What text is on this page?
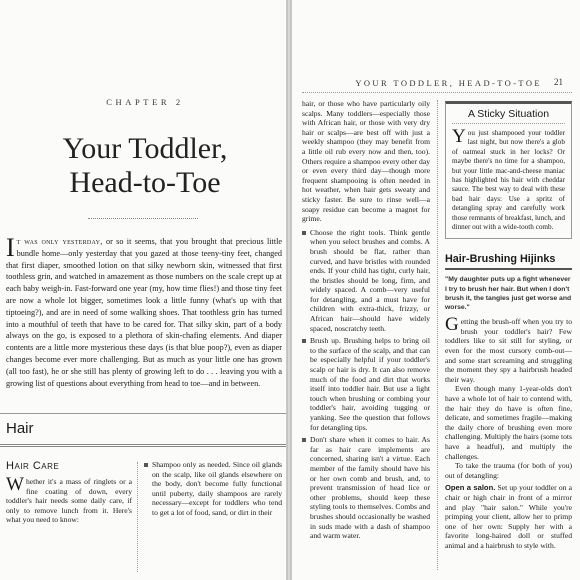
CHAPTER 2
Your Toddler,
Head-to-Toe

It was only yesterday, or so it seems, that you brought that precious little bundle home—only yesterday that you gazed at those teeny-tiny feet, changed that first diaper, smoothed lotion on that silky newborn skin, witnessed that first toothless grin, and watched in amazement as those numbers on the scale crept up at each baby weigh-in. Fast-forward one year (my, how time flies!) and those tiny feet are now a whole lot bigger, sometimes look a little funny (what's up with that tiptoeing?), and are in need of some walking shoes. That toothless grin has turned into a mouthful of teeth that have to be cared for. That silky skin, part of a body always on the go, is exposed to a plethora of skin-chafing elements. And diaper contents are a little more mysterious these days (is that blue poop?), even as diaper changes become ever more challenging. But as much as your little one has grown (all too fast), he or she still has plenty of growing left to do . . . leaving you with a growing list of questions about everything from head to toe—and in between.

Hair
Hair Care

Whether it's a mass of ringlets or a fine coating of down, every toddler's hair needs some daily care, if only to remove lunch from it. Here's what you need to know:

Shampoo only as needed. Since oil glands on the scalp, like oil glands elsewhere on the body, don't become fully functional until puberty, daily shampoos are rarely necessary—except for toddlers who tend to get a lot of food, sand, or dirt in their
YOUR TODDLER, HEAD-TO-TOE 21

hair, or those who have particularly oily scalps. Many toddlers—especially those with African hair, or those with very dry hair or scalps—are best off with just a weekly shampoo (they may benefit from a little oil rub every now and then, too). Others require a shampoo every other day or even every third day—though more frequent shampooing is often needed in hot weather, when hair gets sweaty and sticky faster. Be sure to rinse well—a soapy residue can become a magnet for grime.

Choose the right tools. Think gentle when you select brushes and combs. A brush should be flat, rather than curved, and have bristles with rounded ends. If your child has tight, curly hair, the bristles should be long, firm, and widely spaced. A comb—very useful for detangling, and a must have for children with extra-thick, frizzy, or African hair—should have widely spaced, noscratchy teeth.
Brush up. Brushing helps to bring oil to the surface of the scalp, and that can be especially helpful if your toddler's scalp or hair is dry. It can also remove much of the food and dirt that works itself into toddler hair. But use a light touch when brushing or combing your toddler's hair, avoiding tugging or yanking. See the question that follows for detangling tips.
Don't share when it comes to hair. As far as hair care implements are concerned, sharing isn't a virtue. Each member of the family should have his or her own comb and brush, and, to prevent transmission of head lice or other problems, should keep these styling tools to themselves. Combs and brushes should occasionally be washed in suds made with a dash of shampoo and warm water.
A Sticky Situation

You just shampooed your toddler last night, but now there's a glob of oatmeal stuck in her locks? Or maybe there's no time for a shampoo, but your little mac-and-cheese maniac has highlighted his hair with cheddar sauce. The best way to deal with these bad hair days: Use a spritz of detangling spray and carefully work those remnants of breakfast, lunch, and dinner out with a wide-tooth comb.

Hair-Brushing Hijinks

"My daughter puts up a fight whenever I try to brush her hair. But when I don't brush it, the tangles just get worse and worse."

Getting the brush-off when you try to brush your toddler's hair? Few toddlers like to sit still for styling, or even for the most cursory comb-out—and some start screaming and struggling the moment they spy a hairbrush headed their way.

Even though many 1-year-olds don't have a whole lot of hair to contend with, the hair they do have is often fine, delicate, and sometimes fragile—making the daily chore of brushing even more challenging. Multiply the hairs (some tots have a headful), and multiply the challenges.

To take the trauma (for both of you) out of detangling:

Open a salon. Set up your toddler on a chair or high chair in front of a mirror and play "hair salon." While you're primping your client, allow her to primp one of her own: Supply her with a favorite long-haired doll or stuffed animal and a hairbrush to style with.
